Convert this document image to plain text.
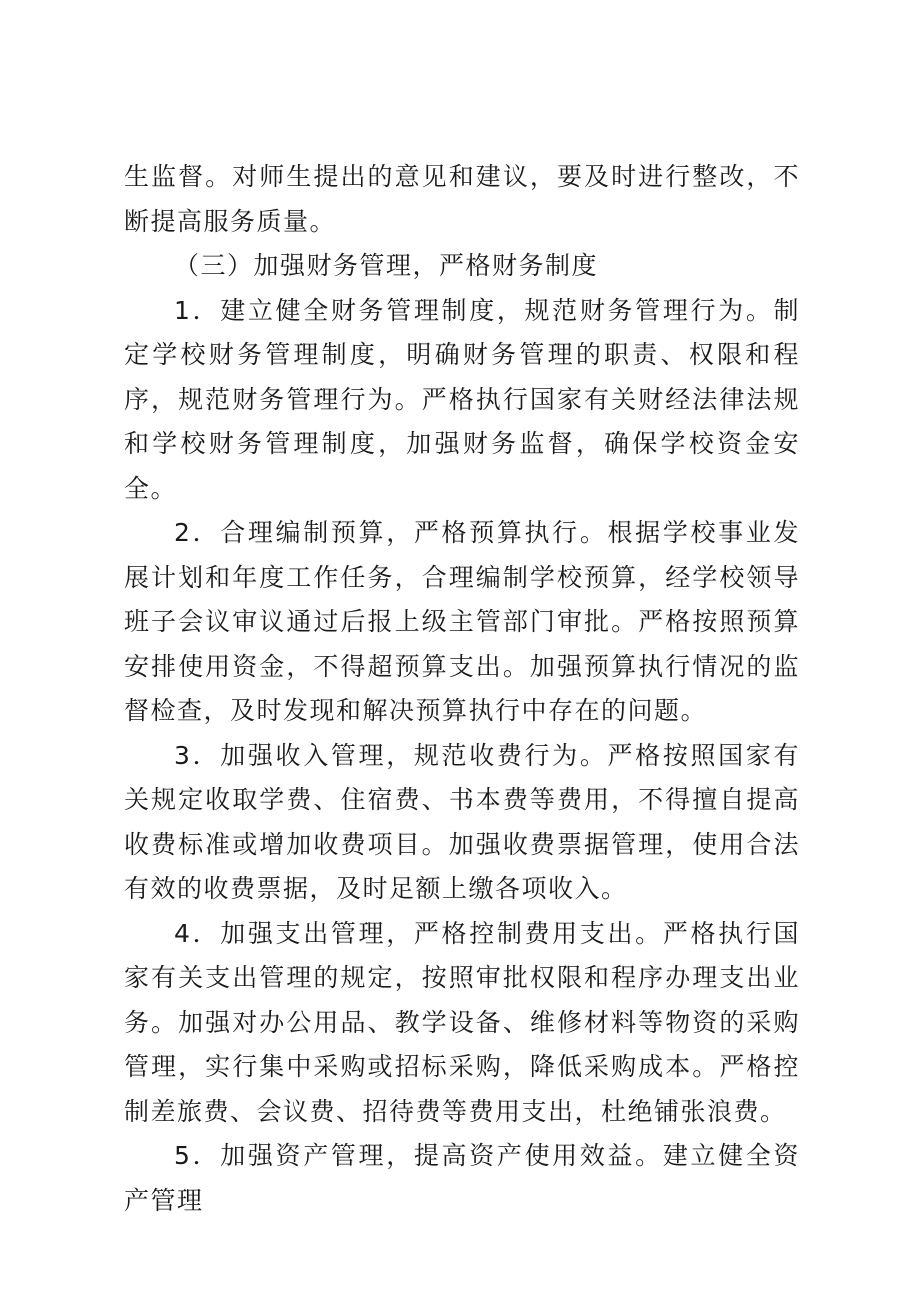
生监督。对师生提出的意见和建议，要及时进行整改，不断提高服务质量。

（三）加强财务管理，严格财务制度

1．建立健全财务管理制度，规范财务管理行为。制定学校财务管理制度，明确财务管理的职责、权限和程序，规范财务管理行为。严格执行国家有关财经法律法规和学校财务管理制度，加强财务监督，确保学校资金安全。

2．合理编制预算，严格预算执行。根据学校事业发展计划和年度工作任务，合理编制学校预算，经学校领导班子会议审议通过后报上级主管部门审批。严格按照预算安排使用资金，不得超预算支出。加强预算执行情况的监督检查，及时发现和解决预算执行中存在的问题。

3．加强收入管理，规范收费行为。严格按照国家有关规定收取学费、住宿费、书本费等费用，不得擅自提高收费标准或增加收费项目。加强收费票据管理，使用合法有效的收费票据，及时足额上缴各项收入。

4．加强支出管理，严格控制费用支出。严格执行国家有关支出管理的规定，按照审批权限和程序办理支出业务。加强对办公用品、教学设备、维修材料等物资的采购管理，实行集中采购或招标采购，降低采购成本。严格控制差旅费、会议费、招待费等费用支出，杜绝铺张浪费。

5．加强资产管理，提高资产使用效益。建立健全资产管理
